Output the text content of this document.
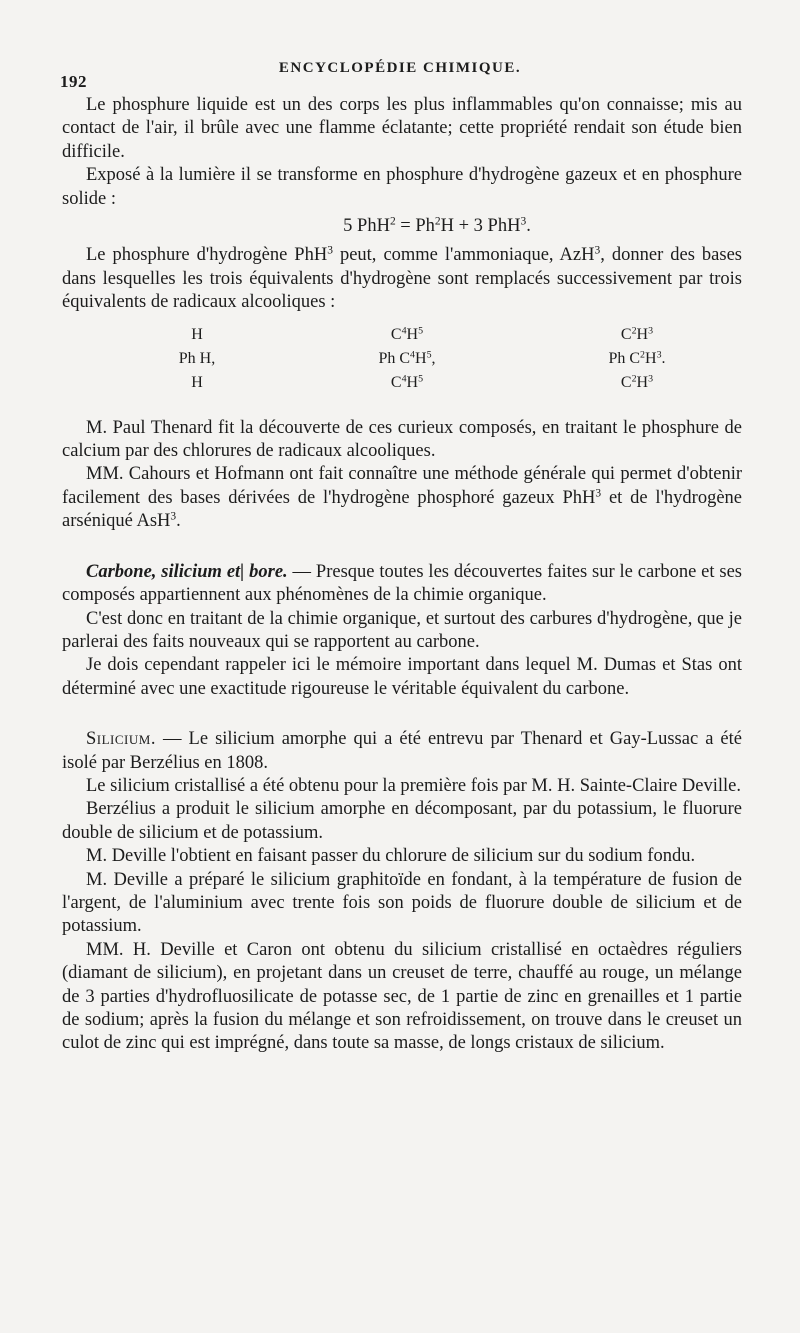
192
ENCYCLOPÉDIE CHIMIQUE.

Le phosphure liquide est un des corps les plus inflammables qu'on connaisse; mis au contact de l'air, il brûle avec une flamme éclatante; cette propriété rendait son étude bien difficile.

Exposé à la lumière il se transforme en phosphure d'hydrogène gazeux et en phosphure solide :

5 $PhH^2 = Ph^2H + 3$ PhH$^3$.

Le phosphure d'hydrogène PhH$^3$ peut, comme l'ammoniaque, AzH$^3$, donner des bases dans lesquelles les trois équivalents d'hydrogène sont remplacés successivement par trois équivalents de radicaux alcooliques :

H
Ph H,
H
$C^4H^5$
Ph $C^4H^5$,
$C^4H^5$
$C^2H^3$
Ph $C^2H^3$.
$C^2H^3$

M. Paul Thenard fit la découverte de ces curieux composés, en traitant le phosphure de calcium par des chlorures de radicaux alcooliques.

MM. Cahours et Hofmann ont fait connaître une méthode générale qui permet d'obtenir facilement des bases dérivées de l'hydrogène phosphoré gazeux PhH$^3$ et de l'hydrogène arséniqué AsH$^3$.

Carbone, silicium et| bore. — Presque toutes les découvertes faites sur le carbone et ses composés appartiennent aux phénomènes de la chimie organique.

C'est donc en traitant de la chimie organique, et surtout des carbures d'hydrogène, que je parlerai des faits nouveaux qui se rapportent au carbone.

Je dois cependant rappeler ici le mémoire important dans lequel M. Dumas et Stas ont déterminé avec une exactitude rigoureuse le véritable équivalent du carbone.

Silicium. — Le silicium amorphe qui a été entrevu par Thenard et Gay-Lussac a été isolé par Berzélius en 1808.

Le silicium cristallisé a été obtenu pour la première fois par M. H. Sainte-Claire Deville.

Berzélius a produit le silicium amorphe en décomposant, par du potassium, le fluorure double de silicium et de potassium.

M. Deville l'obtient en faisant passer du chlorure de silicium sur du sodium fondu.

M. Deville a préparé le silicium graphitoïde en fondant, à la température de fusion de l'argent, de l'aluminium avec trente fois son poids de fluorure double de silicium et de potassium.

MM. H. Deville et Caron ont obtenu du silicium cristallisé en octaèdres réguliers (diamant de silicium), en projetant dans un creuset de terre, chauffé au rouge, un mélange de 3 parties d'hydrofluosilicate de potasse sec, de 1 partie de zinc en grenailles et 1 partie de sodium; après la fusion du mélange et son refroidissement, on trouve dans le creuset un culot de zinc qui est imprégné, dans toute sa masse, de longs cristaux de silicium.
